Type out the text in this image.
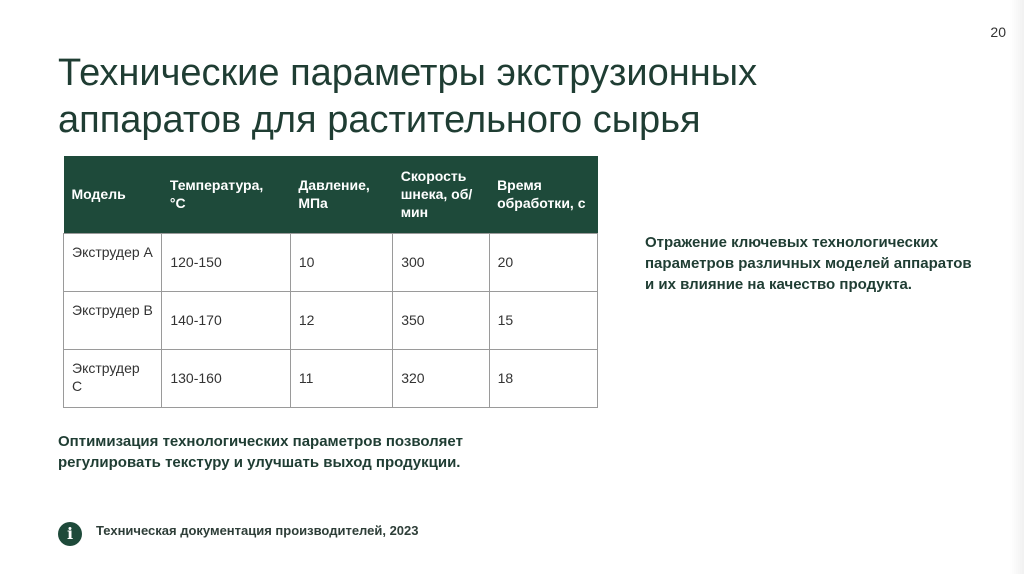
20
Технические параметры экструзионных аппаратов для растительного сырья
Модель	Температура, °C	Давление, МПа	Скорость шнека, об/мин	Время обработки, с
Экструдер А	120-150	10	300	20
Экструдер B	140-170	12	350	15
Экструдер С	130-160	11	320	18
Отражение ключевых технологических параметров различных моделей аппаратов и их влияние на качество продукта.
Оптимизация технологических параметров позволяет регулировать текстуру и улучшать выход продукции.
i	Техническая документация производителей, 2023
